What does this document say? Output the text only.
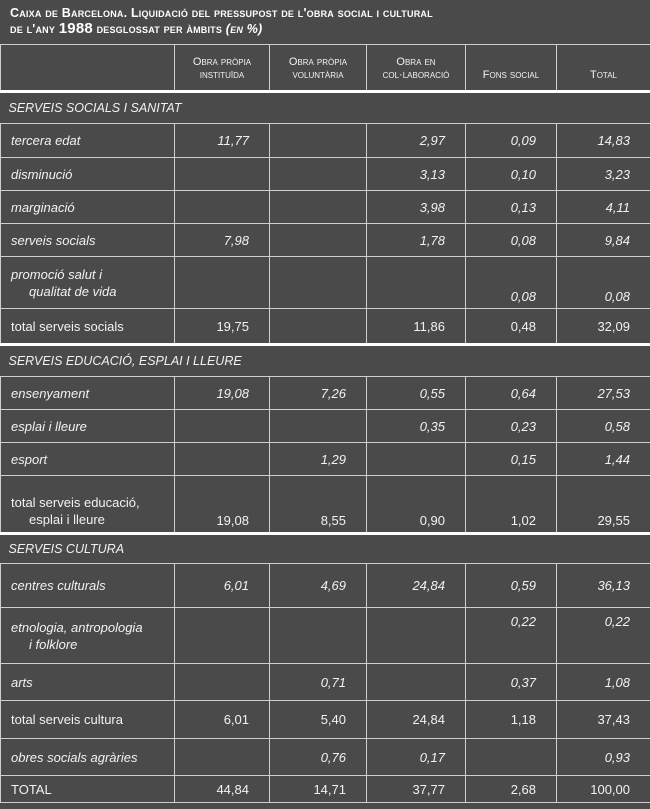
Caixa de Barcelona. Liquidació del pressupost de l'obra social i cultural
de l'any 1988 desglossat per àmbits (en %)
	Obra pròpia
instituïda	Obra pròpia
voluntària	Obra en
col·laboració	Fons social	Total
SERVEIS SOCIALS I SANITAT					
tercera edat	11,77		2,97	0,09	14,83
disminució			3,13	0,10	3,23
marginació			3,98	0,13	4,11
serveis socials	7,98		1,78	0,08	9,84
promoció salut i
qualitat de vida				0,08	0,08
total serveis socials	19,75		11,86	0,48	32,09
SERVEIS EDUCACIÓ, ESPLAI I LLEURE					
ensenyament	19,08	7,26	0,55	0,64	27,53
esplai i lleure			0,35	0,23	0,58
esport		1,29		0,15	1,44
total serveis educació,
esplai i lleure	19,08	8,55	0,90	1,02	29,55
SERVEIS CULTURA					
centres culturals	6,01	4,69	24,84	0,59	36,13
etnologia, antropologia
i folklore				0,22	0,22
arts		0,71		0,37	1,08
total serveis cultura	6,01	5,40	24,84	1,18	37,43
obres socials agràries		0,76	0,17		0,93
TOTAL	44,84	14,71	37,77	2,68	100,00
